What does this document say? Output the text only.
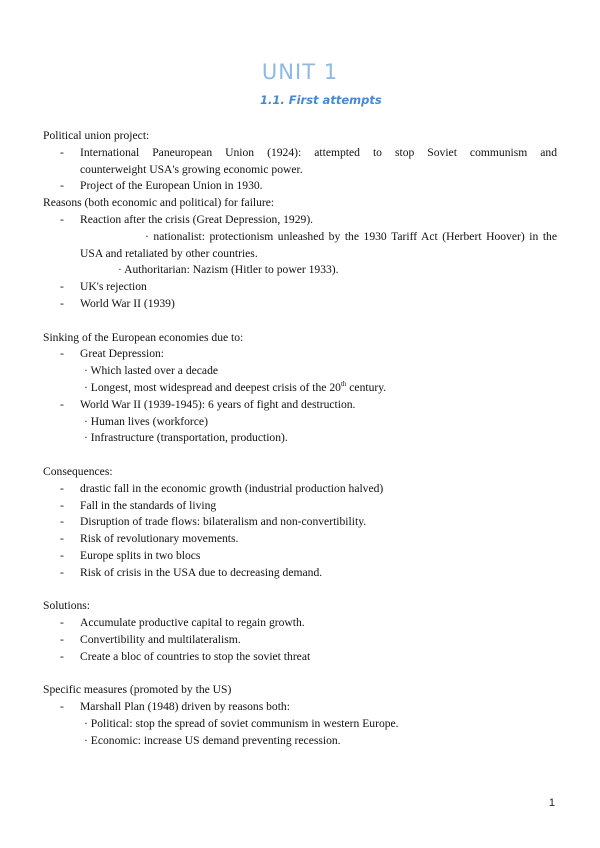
UNIT 1
1.1. First attempts
Political union project:
- International Paneuropean Union (1924): attempted to stop Soviet communism and
counterweight USA's growing economic power.
- Project of the European Union in 1930.
Reasons (both economic and political) for failure:
- Reaction after the crisis (Great Depression, 1929).
· nationalist: protectionism unleashed by the 1930 Tariff Act (Herbert Hoover) in the
USA and retaliated by other countries.
· Authoritarian: Nazism (Hitler to power 1933).
- UK's rejection
- World War II (1939)
Sinking of the European economies due to:
- Great Depression:
· Which lasted over a decade
· Longest, most widespread and deepest crisis of the 20th century.
- World War II (1939-1945): 6 years of fight and destruction.
· Human lives (workforce)
· Infrastructure (transportation, production).
Consequences:
- drastic fall in the economic growth (industrial production halved)
- Fall in the standards of living
- Disruption of trade flows: bilateralism and non-convertibility.
- Risk of revolutionary movements.
- Europe splits in two blocs
- Risk of crisis in the USA due to decreasing demand.
Solutions:
- Accumulate productive capital to regain growth.
- Convertibility and multilateralism.
- Create a bloc of countries to stop the soviet threat
Specific measures (promoted by the US)
- Marshall Plan (1948) driven by reasons both:
· Political: stop the spread of soviet communism in western Europe.
· Economic: increase US demand preventing recession.
1
